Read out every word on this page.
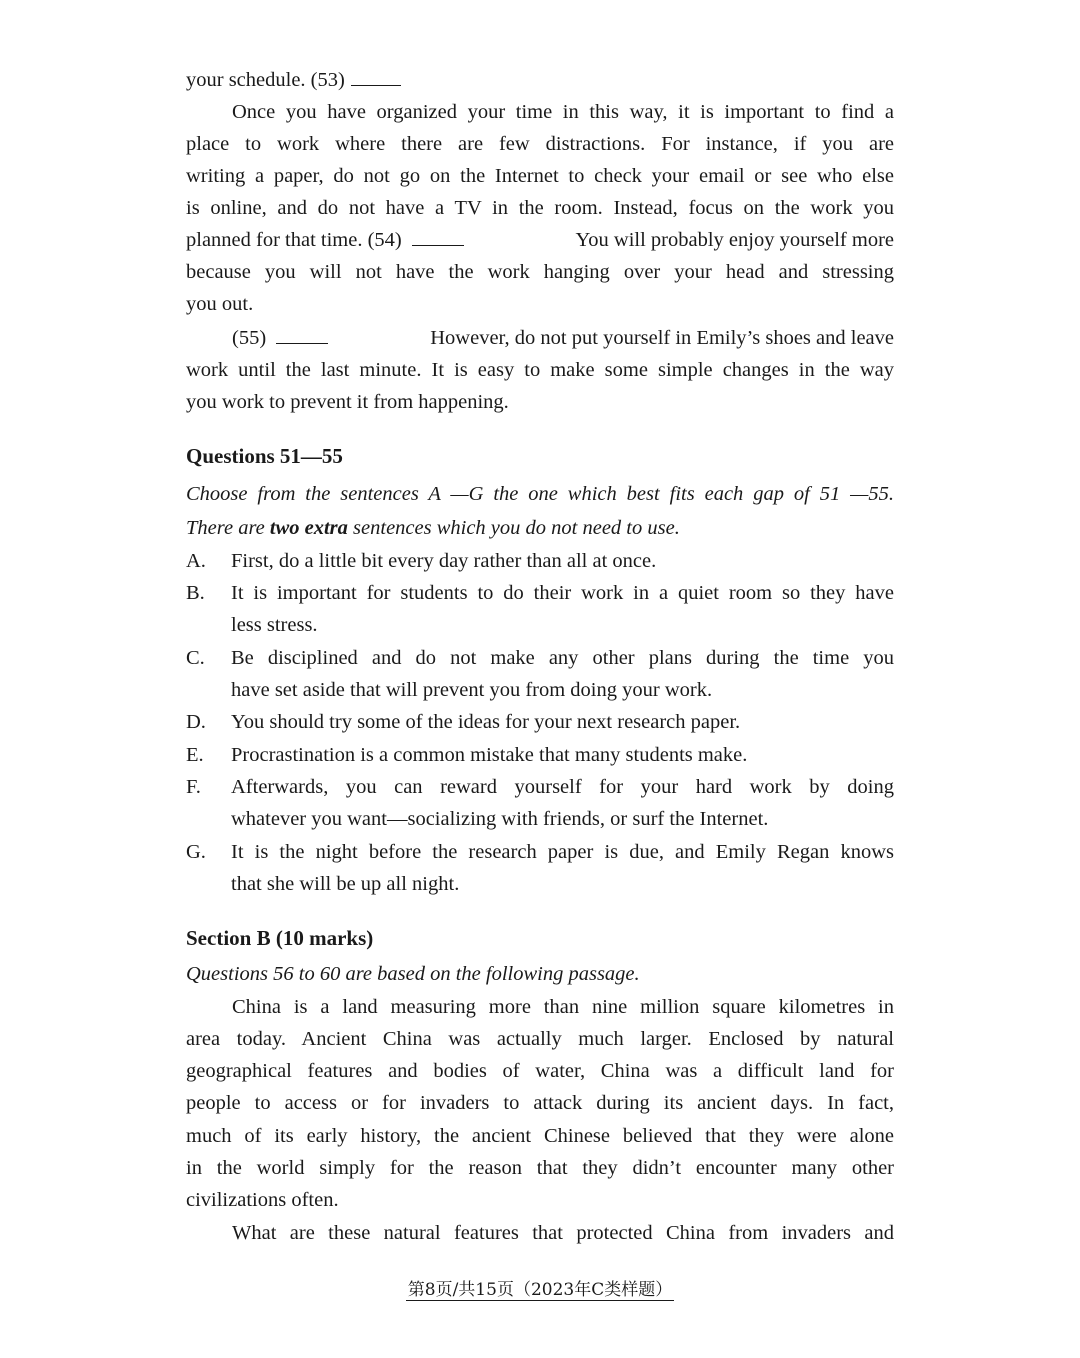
your schedule. (53)
Once you have organized your time in this way, it is important to find a
place to work where there are few distractions. For instance, if you are
writing a paper, do not go on the Internet to check your email or see who else
is online, and do not have a TV in the room. Instead, focus on the work you
planned for that time. (54)	You will probably enjoy yourself more
because you will not have the work hanging over your head and stressing
you out.
(55)	However, do not put yourself in Emily’s shoes and leave
work until the last minute. It is easy to make some simple changes in the way
you work to prevent it from happening.
Questions 51—55
Choose from the sentences A —G the one which best fits each gap of 51 —55.
There are two extra sentences which you do not need to use.
A. First, do a little bit every day rather than all at once.
B. It is important for students to do their work in a quiet room so they have
less stress.
C. Be disciplined and do not make any other plans during the time you
have set aside that will prevent you from doing your work.
D. You should try some of the ideas for your next research paper.
E. Procrastination is a common mistake that many students make.
F. Afterwards, you can reward yourself for your hard work by doing
whatever you want—socializing with friends, or surf the Internet.
G. It is the night before the research paper is due, and Emily Regan knows
that she will be up all night.
Section B (10 marks)
Questions 56 to 60 are based on the following passage.
China is a land measuring more than nine million square kilometres in
area today. Ancient China was actually much larger. Enclosed by natural
geographical features and bodies of water, China was a difficult land for
people to access or for invaders to attack during its ancient days. In fact,
much of its early history, the ancient Chinese believed that they were alone
in the world simply for the reason that they didn’t encounter many other
civilizations often.
What are these natural features that protected China from invaders and
第8页/共15页（2023年C类样题）
